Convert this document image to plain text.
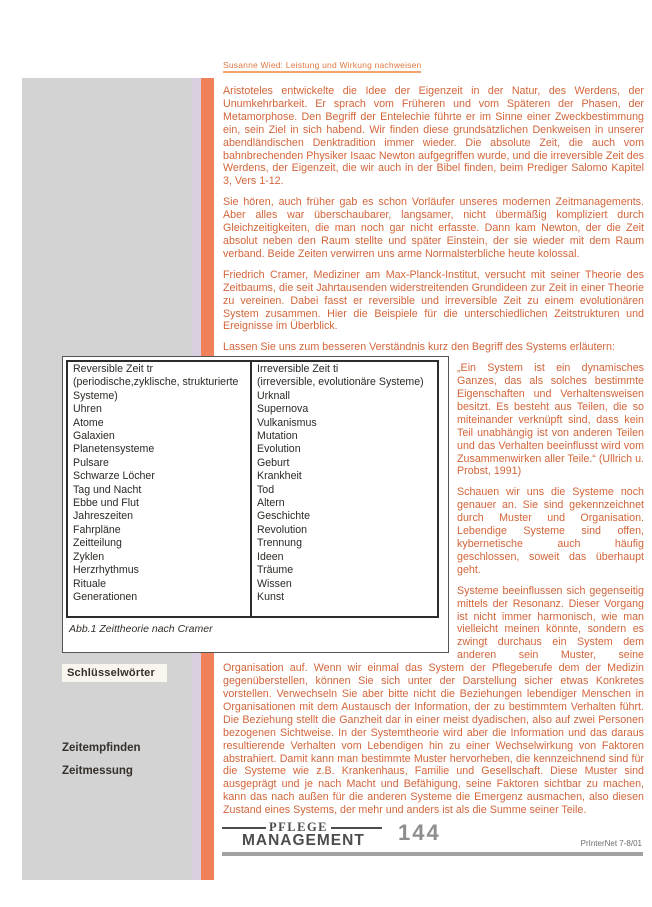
Schlüsselwörter
Zeitempfinden
Zeitmessung
Susanne Wied: Leistung und Wirkung nachweisen

Aristoteles entwickelte die Idee der Eigenzeit in der Natur, des Werdens, der Unumkehrbarkeit. Er sprach vom Früheren und vom Späteren der Phasen, der Metamorphose. Den Begriff der Entelechie führte er im Sinne einer Zweckbestimmung ein, sein Ziel in sich habend. Wir finden diese grundsätzlichen Denkweisen in unserer abendländischen Denktradition immer wieder. Die absolute Zeit, die auch vom bahnbrechenden Physiker Isaac Newton aufgegriffen wurde, und die irreversible Zeit des Werdens, der Eigenzeit, die wir auch in der Bibel finden, beim Prediger Salomo Kapitel 3, Vers 1-12.

Sie hören, auch früher gab es schon Vorläufer unseres modernen Zeitmanagements. Aber alles war überschaubarer, langsamer, nicht übermäßig kompliziert durch Gleichzeitigkeiten, die man noch gar nicht erfasste. Dann kam Newton, der die Zeit absolut neben den Raum stellte und später Einstein, der sie wieder mit dem Raum verband. Beide Zeiten verwirren uns arme Normalsterbliche heute kolossal.

Friedrich Cramer, Mediziner am Max-Planck-Institut, versucht mit seiner Theorie des Zeitbaums, die seit Jahrtausenden widerstreitenden Grundideen zur Zeit in einer Theorie zu vereinen. Dabei fasst er reversible und irreversible Zeit zu einem evolutionären System zusammen. Hier die Beispiele für die unterschiedlichen Zeitstrukturen und Ereignisse im Überblick.

Lassen Sie uns zum besseren Verständnis kurz den Begriff des Systems erläutern:

„Ein System ist ein dynamisches Ganzes, das als solches bestimmte Eigenschaften und Verhaltensweisen besitzt. Es besteht aus Teilen, die so miteinander verknüpft sind, dass kein Teil unabhängig ist von anderen Teilen und das Verhalten beeinflusst wird vom Zusammenwirken aller Teile.“ (Ullrich u. Probst, 1991)

Schauen wir uns die Systeme noch genauer an. Sie sind gekennzeichnet durch Muster und Organisation. Lebendige Systeme sind offen, kybernetische auch häufig geschlossen, soweit das überhaupt geht.

Systeme beeinflussen sich gegenseitig mittels der Resonanz. Dieser Vorgang ist nicht immer harmonisch, wie man vielleicht meinen könnte, sondern es zwingt durchaus ein System dem anderen sein Muster, seine Organisation auf. Wenn wir einmal das System der Pflegeberufe dem der Medizin gegenüberstellen, können Sie sich unter der Darstellung sicher etwas Konkretes vorstellen. Verwechseln Sie aber bitte nicht die Beziehungen lebendiger Menschen in Organisationen mit dem Austausch der Information, der zu bestimmtem Verhalten führt. Die Beziehung stellt die Ganzheit dar in einer meist dyadischen, also auf zwei Personen bezogenen Sichtweise. In der Systemtheorie wird aber die Information und das daraus resultierende Verhalten vom Lebendigen hin zu einer Wechselwirkung von Faktoren abstrahiert. Damit kann man bestimmte Muster hervorheben, die kennzeichnend sind für die Systeme wie z.B. Krankenhaus, Familie und Gesellschaft. Diese Muster sind ausgeprägt und je nach Macht und Befähigung, seine Faktoren sichtbar zu machen, kann das nach außen für die anderen Systeme die Emergenz ausmachen, also diesen Zustand eines Systems, der mehr und anders ist als die Summe seiner Teile.

Reversible Zeit tr
(periodische,zyklische, strukturierte Systeme)
Uhren
Atome
Galaxien
Planetensysteme
Pulsare
Schwarze Löcher
Tag und Nacht
Ebbe und Flut
Jahreszeiten
Fahrpläne
Zeitteilung
Zyklen
Herzrhythmus
Rituale
Generationen
Irreversible Zeit ti
(irreversible, evolutionäre Systeme)
Urknall
Supernova
Vulkanismus
Mutation
Evolution
Geburt
Krankheit
Tod
Altern
Geschichte
Revolution
Trennung
Ideen
Träume
Wissen
Kunst
Abb.1 Zeittheorie nach Cramer
PFLEGE
MANAGEMENT	144	PrInterNet 7-8/01
